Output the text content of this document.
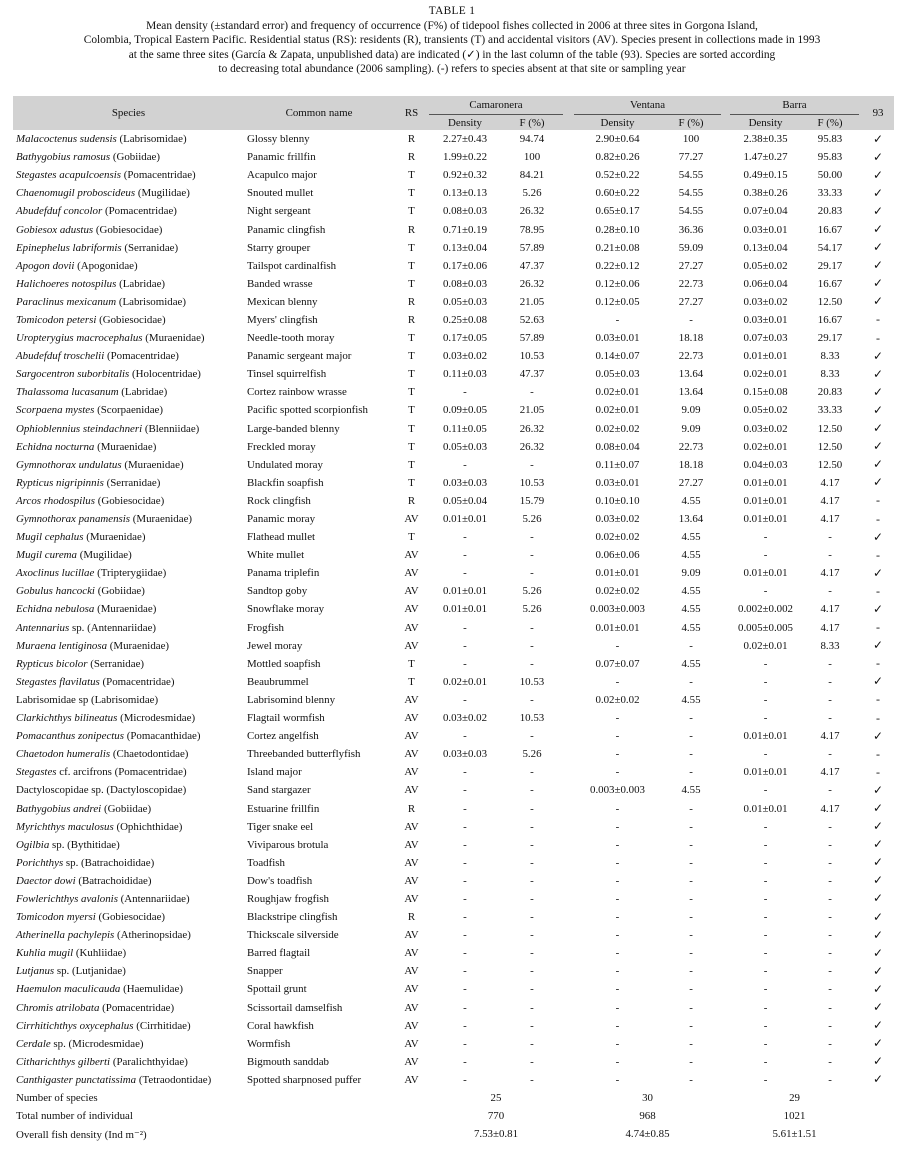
TABLE 1
Mean density (±standard error) and frequency of occurrence (F%) of tidepool fishes collected in 2006 at three sites in Gorgona Island,
Colombia, Tropical Eastern Pacific. Residential status (RS): residents (R), transients (T) and accidental visitors (AV). Species present in collections made in 1993
at the same three sites (García & Zapata, unpublished data) are indicated (✓) in the last column of the table (93). Species are sorted according
to decreasing total abundance (2006 sampling). (-) refers to species absent at that site or sampling year
Species	Common name	RS	Camaronera			Ventana			Barra			93
			Density	F (%)		Density	F (%)		Density	F (%)		
Malacoctenus sudensis (Labrisomidae)	Glossy blenny	R	2.27±0.43	94.74		2.90±0.64	100		2.38±0.35	95.83		✓
Bathygobius ramosus (Gobiidae)	Panamic frillfin	R	1.99±0.22	100		0.82±0.26	77.27		1.47±0.27	95.83		✓
Stegastes acapulcoensis (Pomacentridae)	Acapulco major	T	0.92±0.32	84.21		0.52±0.22	54.55		0.49±0.15	50.00		✓
Chaenomugil proboscideus (Mugilidae)	Snouted mullet	T	0.13±0.13	5.26		0.60±0.22	54.55		0.38±0.26	33.33		✓
Abudefduf concolor (Pomacentridae)	Night sergeant	T	0.08±0.03	26.32		0.65±0.17	54.55		0.07±0.04	20.83		✓
Gobiesox adustus (Gobiesocidae)	Panamic clingfish	R	0.71±0.19	78.95		0.28±0.10	36.36		0.03±0.01	16.67		✓
Epinephelus labriformis (Serranidae)	Starry grouper	T	0.13±0.04	57.89		0.21±0.08	59.09		0.13±0.04	54.17		✓
Apogon dovii (Apogonidae)	Tailspot cardinalfish	T	0.17±0.06	47.37		0.22±0.12	27.27		0.05±0.02	29.17		✓
Halichoeres notospilus (Labridae)	Banded wrasse	T	0.08±0.03	26.32		0.12±0.06	22.73		0.06±0.04	16.67		✓
Paraclinus mexicanum (Labrisomidae)	Mexican blenny	R	0.05±0.03	21.05		0.12±0.05	27.27		0.03±0.02	12.50		✓
Tomicodon petersi (Gobiesocidae)	Myers' clingfish	R	0.25±0.08	52.63		-	-		0.03±0.01	16.67		-
Uropterygius macrocephalus (Muraenidae)	Needle-tooth moray	T	0.17±0.05	57.89		0.03±0.01	18.18		0.07±0.03	29.17		-
Abudefduf troschelii (Pomacentridae)	Panamic sergeant major	T	0.03±0.02	10.53		0.14±0.07	22.73		0.01±0.01	8.33		✓
Sargocentron suborbitalis (Holocentridae)	Tinsel squirrelfish	T	0.11±0.03	47.37		0.05±0.03	13.64		0.02±0.01	8.33		✓
Thalassoma lucasanum (Labridae)	Cortez rainbow wrasse	T	-	-		0.02±0.01	13.64		0.15±0.08	20.83		✓
Scorpaena mystes (Scorpaenidae)	Pacific spotted scorpionfish	T	0.09±0.05	21.05		0.02±0.01	9.09		0.05±0.02	33.33		✓
Ophioblennius steindachneri (Blenniidae)	Large-banded blenny	T	0.11±0.05	26.32		0.02±0.02	9.09		0.03±0.02	12.50		✓
Echidna nocturna (Muraenidae)	Freckled moray	T	0.05±0.03	26.32		0.08±0.04	22.73		0.02±0.01	12.50		✓
Gymnothorax undulatus (Muraenidae)	Undulated moray	T	-	-		0.11±0.07	18.18		0.04±0.03	12.50		✓
Rypticus nigripinnis (Serranidae)	Blackfin soapfish	T	0.03±0.03	10.53		0.03±0.01	27.27		0.01±0.01	4.17		✓
Arcos rhodospilus (Gobiesocidae)	Rock clingfish	R	0.05±0.04	15.79		0.10±0.10	4.55		0.01±0.01	4.17		-
Gymnothorax panamensis (Muraenidae)	Panamic moray	AV	0.01±0.01	5.26		0.03±0.02	13.64		0.01±0.01	4.17		-
Mugil cephalus (Muraenidae)	Flathead mullet	T	-	-		0.02±0.02	4.55		-	-		✓
Mugil curema (Mugilidae)	White mullet	AV	-	-		0.06±0.06	4.55		-	-		-
Axoclinus lucillae (Tripterygiidae)	Panama triplefin	AV	-	-		0.01±0.01	9.09		0.01±0.01	4.17		✓
Gobulus hancocki (Gobiidae)	Sandtop goby	AV	0.01±0.01	5.26		0.02±0.02	4.55		-	-		-
Echidna nebulosa (Muraenidae)	Snowflake moray	AV	0.01±0.01	5.26		0.003±0.003	4.55		0.002±0.002	4.17		✓
Antennarius sp. (Antennariidae)	Frogfish	AV	-	-		0.01±0.01	4.55		0.005±0.005	4.17		-
Muraena lentiginosa (Muraenidae)	Jewel moray	AV	-	-		-	-		0.02±0.01	8.33		✓
Rypticus bicolor (Serranidae)	Mottled soapfish	T	-	-		0.07±0.07	4.55		-	-		-
Stegastes flavilatus (Pomacentridae)	Beaubrummel	T	0.02±0.01	10.53		-	-		-	-		✓
Labrisomidae sp (Labrisomidae)	Labrisomind blenny	AV	-	-		0.02±0.02	4.55		-	-		-
Clarkichthys bilineatus (Microdesmidae)	Flagtail wormfish	AV	0.03±0.02	10.53		-	-		-	-		-
Pomacanthus zonipectus (Pomacanthidae)	Cortez angelfish	AV	-	-		-	-		0.01±0.01	4.17		✓
Chaetodon humeralis (Chaetodontidae)	Threebanded butterflyfish	AV	0.03±0.03	5.26		-	-		-	-		-
Stegastes cf. arcifrons (Pomacentridae)	Island major	AV	-	-		-	-		0.01±0.01	4.17		-
Dactyloscopidae sp. (Dactyloscopidae)	Sand stargazer	AV	-	-		0.003±0.003	4.55		-	-		✓
Bathygobius andrei (Gobiidae)	Estuarine frillfin	R	-	-		-	-		0.01±0.01	4.17		✓
Myrichthys maculosus (Ophichthidae)	Tiger snake eel	AV	-	-		-	-		-	-		✓
Ogilbia sp. (Bythitidae)	Viviparous brotula	AV	-	-		-	-		-	-		✓
Porichthys sp. (Batrachoididae)	Toadfish	AV	-	-		-	-		-	-		✓
Daector dowi (Batrachoididae)	Dow's toadfish	AV	-	-		-	-		-	-		✓
Fowlerichthys avalonis (Antennariidae)	Roughjaw frogfish	AV	-	-		-	-		-	-		✓
Tomicodon myersi (Gobiesocidae)	Blackstripe clingfish	R	-	-		-	-		-	-		✓
Atherinella pachylepis (Atherinopsidae)	Thickscale silverside	AV	-	-		-	-		-	-		✓
Kuhlia mugil (Kuhliidae)	Barred flagtail	AV	-	-		-	-		-	-		✓
Lutjanus sp. (Lutjanidae)	Snapper	AV	-	-		-	-		-	-		✓
Haemulon maculicauda (Haemulidae)	Spottail grunt	AV	-	-		-	-		-	-		✓
Chromis atrilobata (Pomacentridae)	Scissortail damselfish	AV	-	-		-	-		-	-		✓
Cirrhitichthys oxycephalus (Cirrhitidae)	Coral hawkfish	AV	-	-		-	-		-	-		✓
Cerdale sp. (Microdesmidae)	Wormfish	AV	-	-		-	-		-	-		✓
Citharichthys gilberti (Paralichthyidae)	Bigmouth sanddab	AV	-	-		-	-		-	-		✓
Canthigaster punctatissima (Tetraodontidae)	Spotted sharpnosed puffer	AV	-	-		-	-		-	-		✓
Number of species			25			30			29			
Total number of individual			770			968			1021			
Overall fish density (Ind m⁻²)			7.53±0.81			4.74±0.85			5.61±1.51			
